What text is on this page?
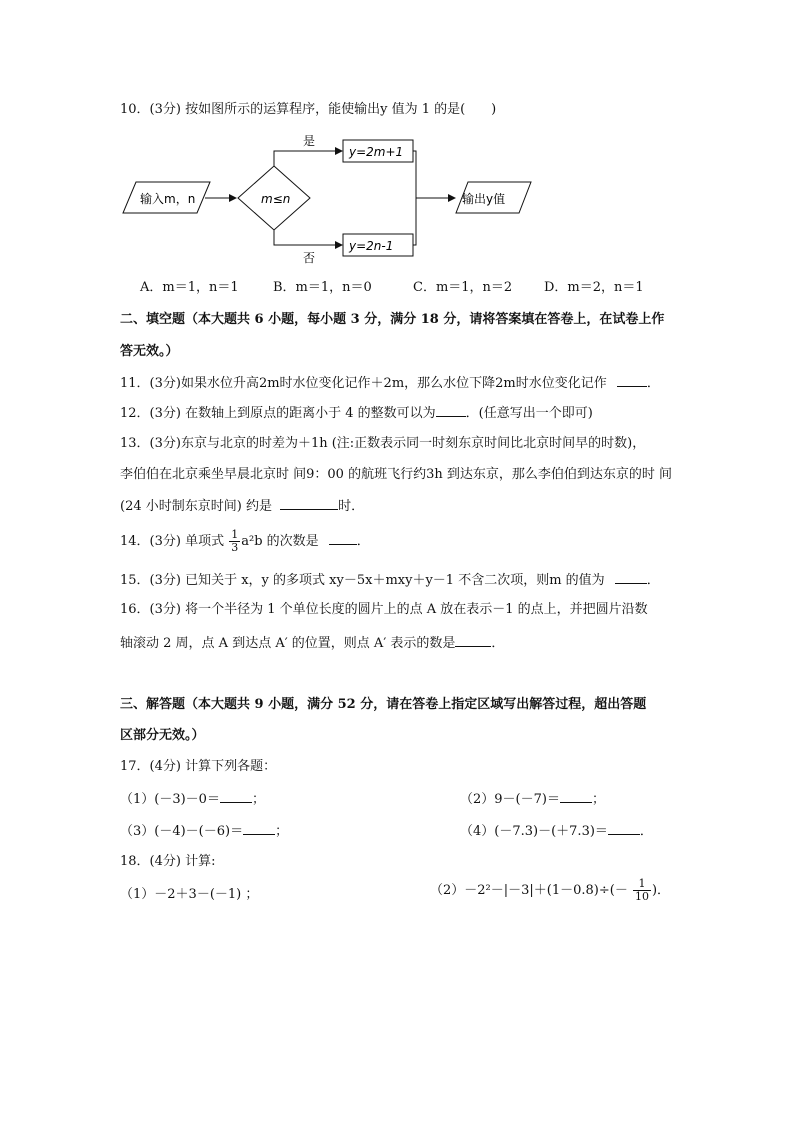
10．(3分) 按如图所示的运算程序，能使输出y 值为 1 的是(　　)
输入m，n	m≤n
是
y=2m+1
否
y=2n-1
输出y值
A．m＝1，n＝1	B．m＝1，n＝0	C．m＝1，n＝2 D．m＝2，n＝1
二、填空题（本大题共 6 小题，每小题 3 分，满分 18 分，请将答案填在答卷上，在试卷上作
答无效。）
11．(3分)如果水位升高2m时水位变化记作＋2m，那么水位下降2m时水位变化记作	．
12．(3分) 在数轴上到原点的距离小于 4 的整数可以为 ．(任意写出一个即可)
13．(3分)东京与北京的时差为＋1h (注:正数表示同一时刻东京时间比北京时间早的时数)，
李伯伯在北京乘坐早晨北京时 间9：00 的航班飞行约3h 到达东京，那么李伯伯到达东京的时 间
(24 小时制东京时间) 约是	时．
14．(3分) 单项式 $\frac{1}{3} a^2b$ 的次数是	．
15．(3分) 已知关于 x，y 的多项式 xy－5x＋mxy＋y－1 不含二次项，则m 的值为	．
16．(3分) 将一个半径为 1 个单位长度的圆片上的点 A 放在表示－1 的点上，并把圆片沿数
轴滚动 2 周，点 A 到达点 A′ 的位置，则点 A′ 表示的数是	．
三、解答题（本大题共 9 小题，满分 52 分，请在答卷上指定区域写出解答过程，超出答题
区部分无效。）
17．(4分) 计算下列各题：
（1）(－3)－0＝ ；	（2）9－(－7)＝ ；
（3）(－4)－(－6)＝ ；	（4）(－7.3)－(＋7.3)＝ ．
18．(4分) 计算:
（1）－2＋3－(－1) ；	$(2)-2^2-|-3|+(1-0.8)\div(- \frac{1}{10}$ )．
